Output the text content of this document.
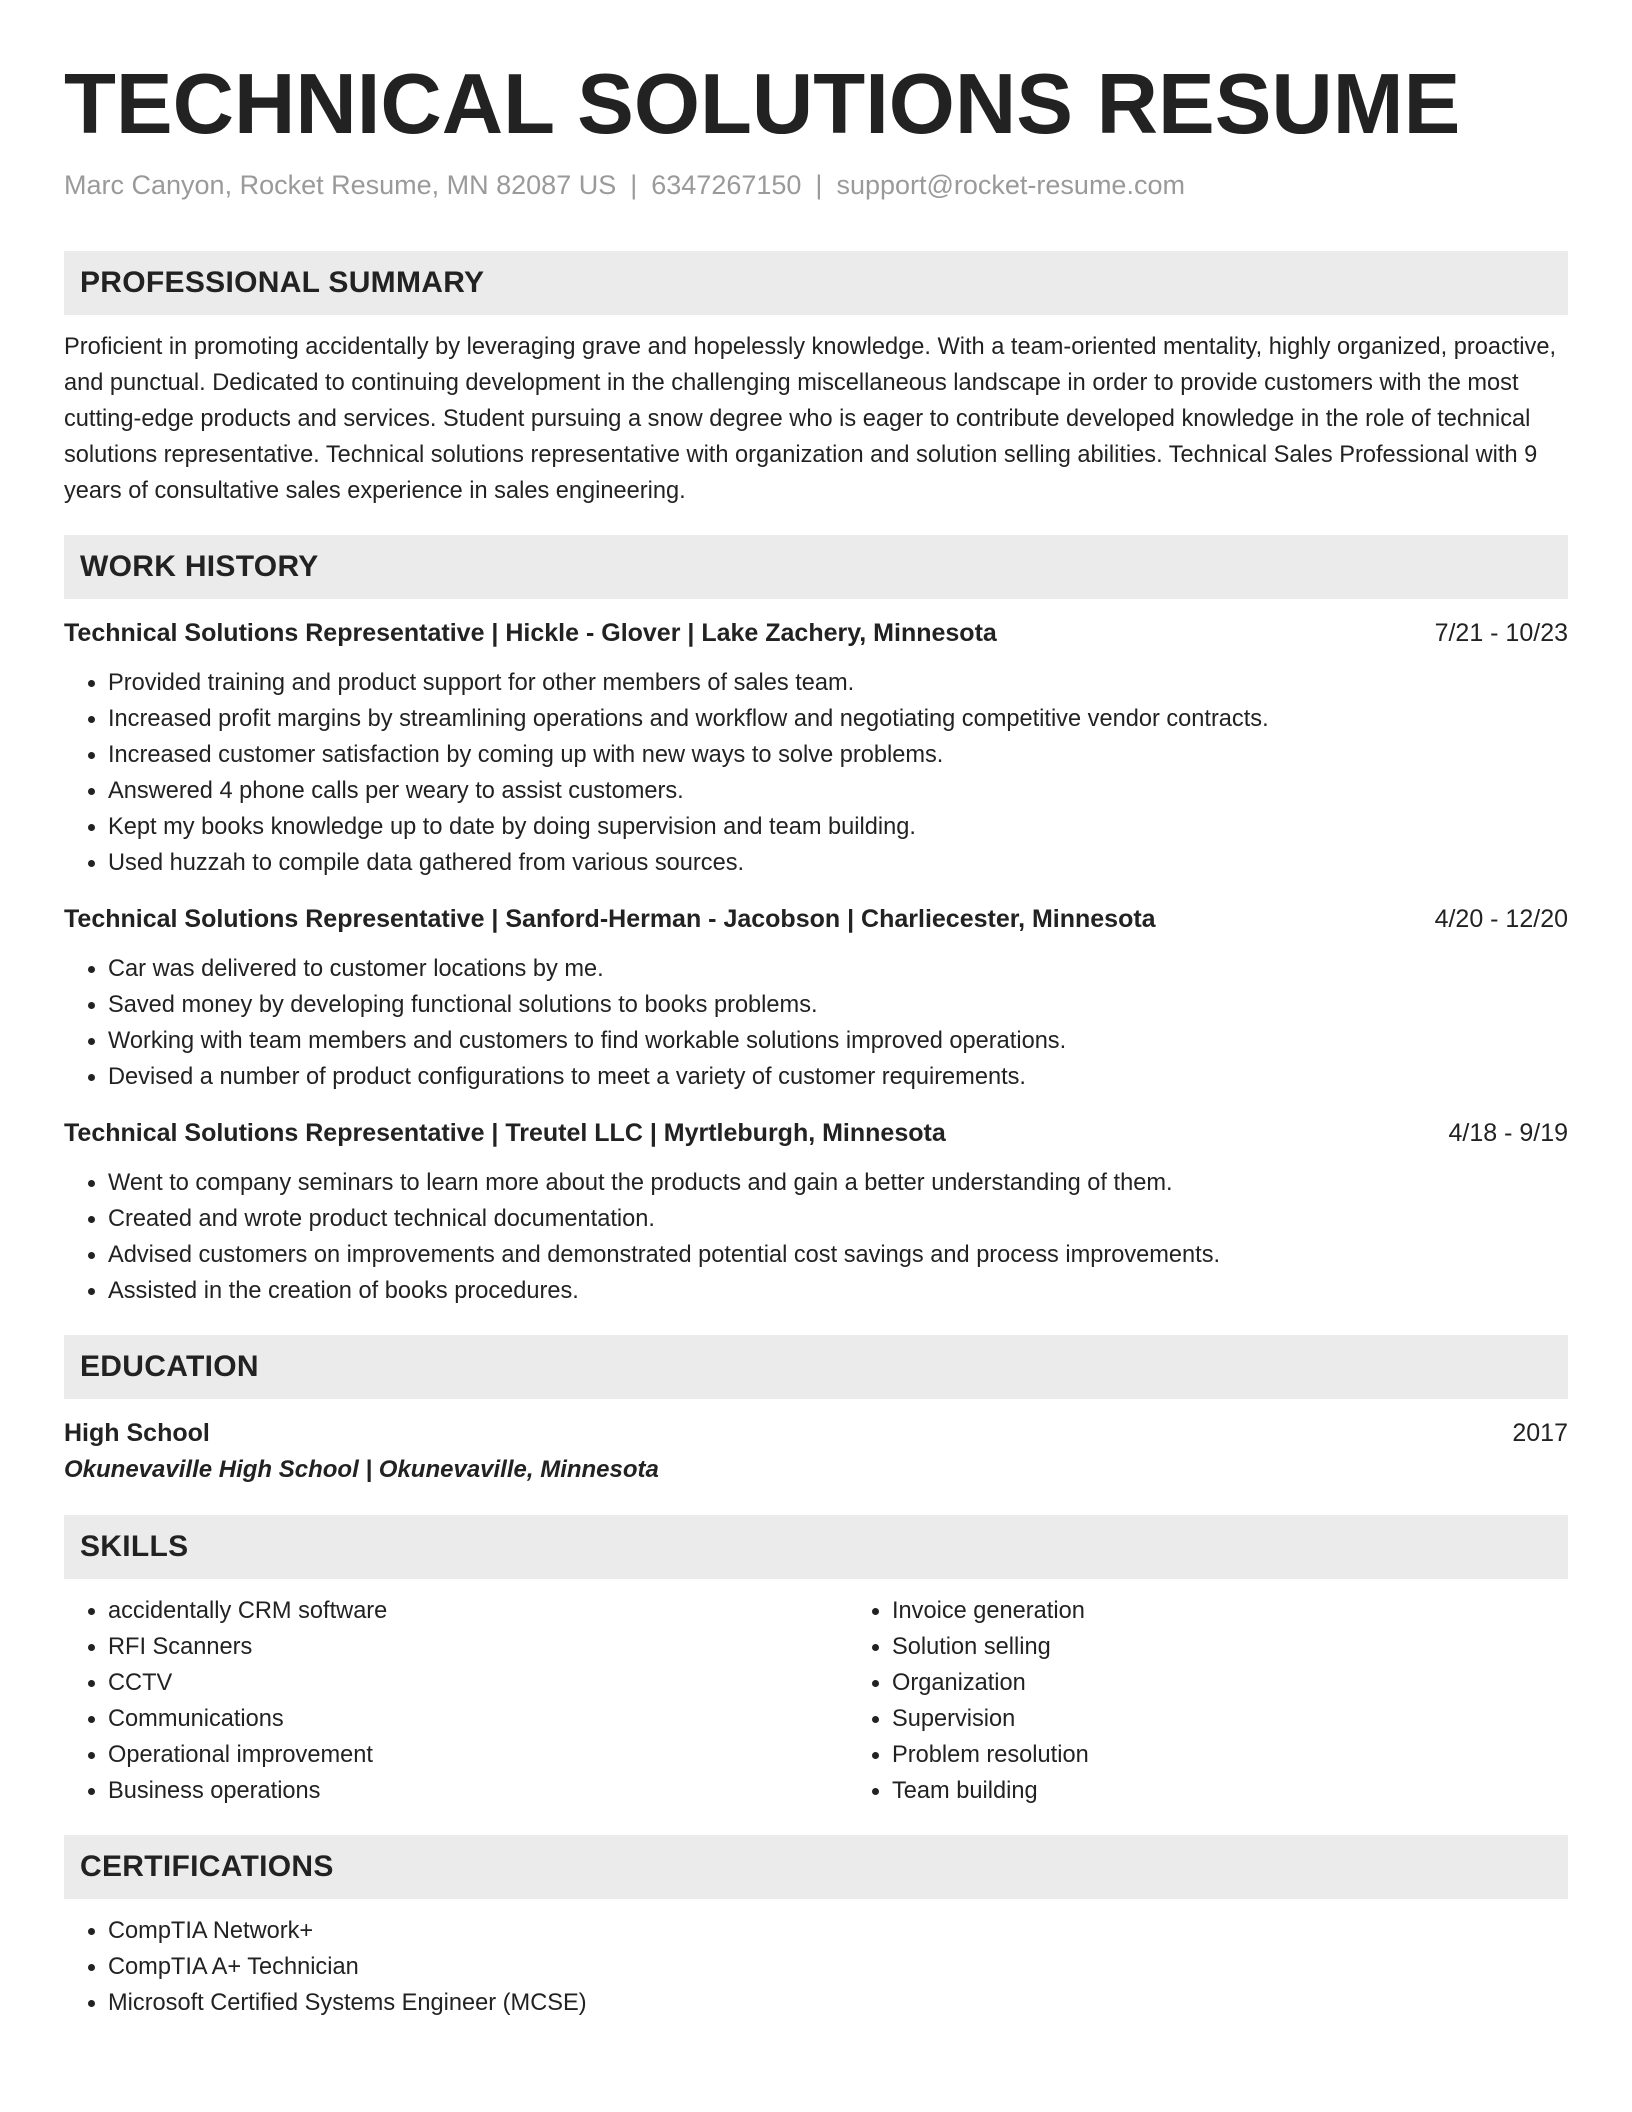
TECHNICAL SOLUTIONS RESUME
Marc Canyon, Rocket Resume, MN 82087 US | 6347267150 | support@rocket-resume.com
PROFESSIONAL SUMMARY

Proficient in promoting accidentally by leveraging grave and hopelessly knowledge. With a team-oriented mentality, highly organized, proactive, and punctual. Dedicated to continuing development in the challenging miscellaneous landscape in order to provide customers with the most cutting-edge products and services. Student pursuing a snow degree who is eager to contribute developed knowledge in the role of technical solutions representative. Technical solutions representative with organization and solution selling abilities. Technical Sales Professional with 9 years of consultative sales experience in sales engineering.

WORK HISTORY
Technical Solutions Representative | Hickle - Glover | Lake Zachery, Minnesota	7/21 - 10/23
• Provided training and product support for other members of sales team.
• Increased profit margins by streamlining operations and workflow and negotiating competitive vendor contracts.
• Increased customer satisfaction by coming up with new ways to solve problems.
• Answered 4 phone calls per weary to assist customers.
• Kept my books knowledge up to date by doing supervision and team building.
• Used huzzah to compile data gathered from various sources.
Technical Solutions Representative | Sanford-Herman - Jacobson | Charliecester, Minnesota	4/20 - 12/20
• Car was delivered to customer locations by me.
• Saved money by developing functional solutions to books problems.
• Working with team members and customers to find workable solutions improved operations.
• Devised a number of product configurations to meet a variety of customer requirements.
Technical Solutions Representative | Treutel LLC | Myrtleburgh, Minnesota	4/18 - 9/19
• Went to company seminars to learn more about the products and gain a better understanding of them.
• Created and wrote product technical documentation.
• Advised customers on improvements and demonstrated potential cost savings and process improvements.
• Assisted in the creation of books procedures.
EDUCATION
High School	2017
Okunevaville High School | Okunevaville, Minnesota
SKILLS
• accidentally CRM software
• RFI Scanners
• CCTV
• Communications
• Operational improvement
• Business operations
• Invoice generation
• Solution selling
• Organization
• Supervision
• Problem resolution
• Team building
CERTIFICATIONS
• CompTIA Network+
• CompTIA A+ Technician
• Microsoft Certified Systems Engineer (MCSE)
